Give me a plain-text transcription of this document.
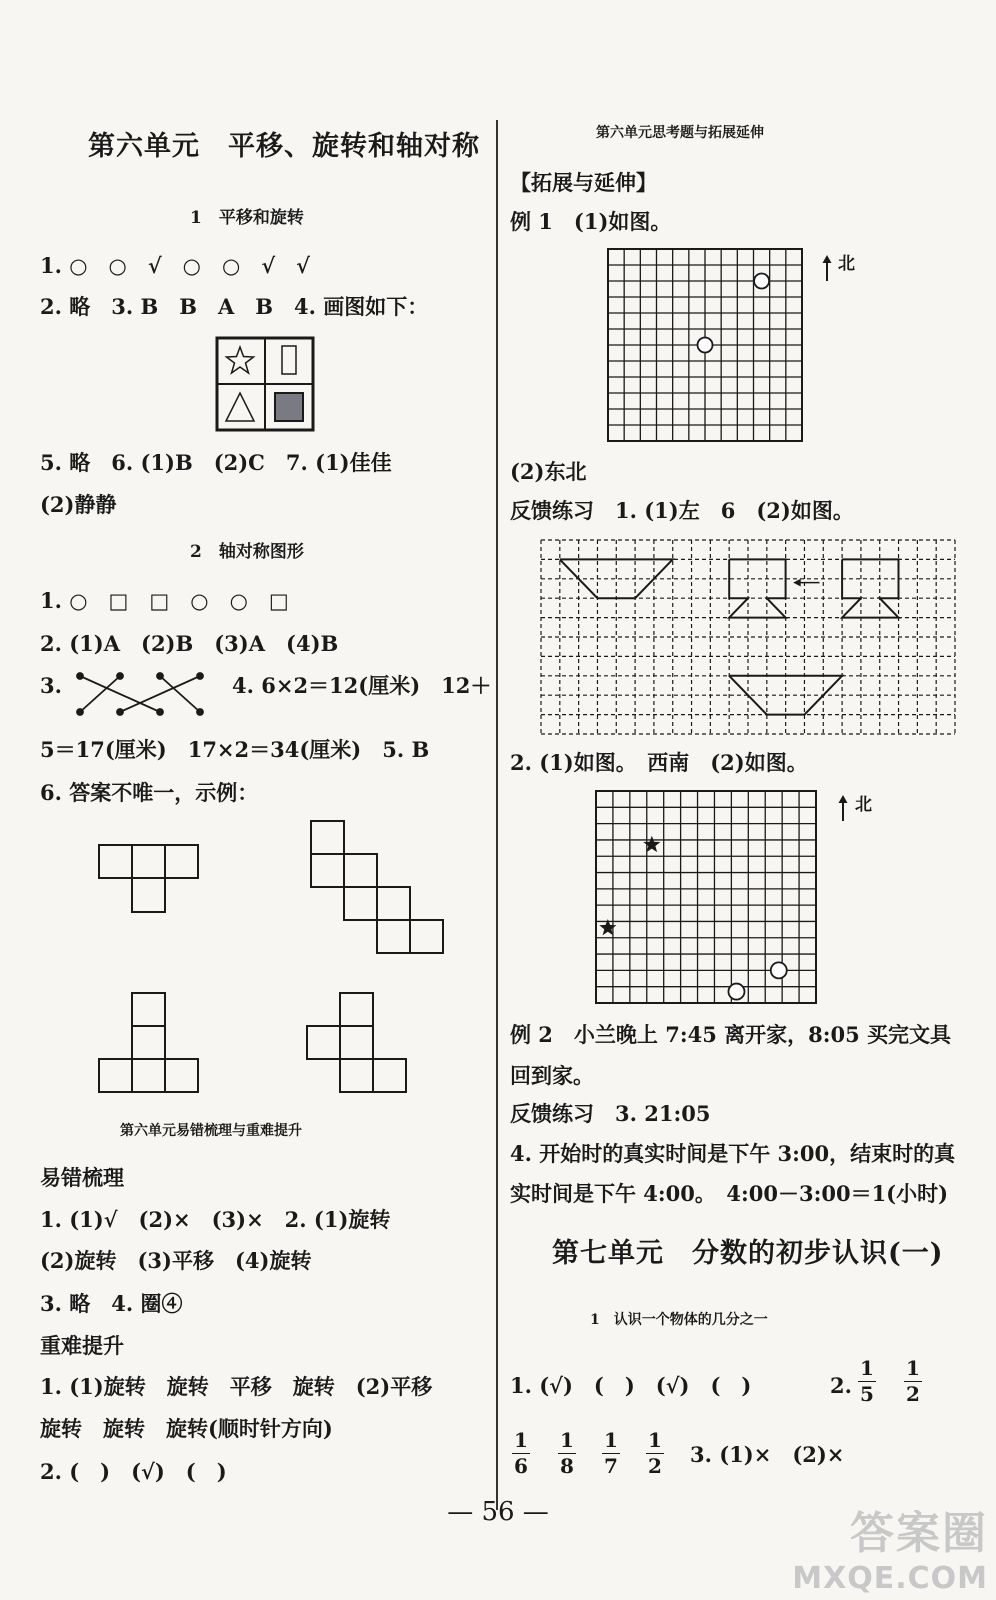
第六单元　平移、旋转和轴对称
1　平移和旋转
1. ○　○　√　○　○　√　√
2. 略　3. B　B　A　B　4. 画图如下：
5. 略　6. (1)B　(2)C　7. (1)佳佳
(2)静静
2　轴对称图形
1. ○　□　□　○　○　□
2. (1)A　(2)B　(3)A　(4)B
3.	4. 6×2＝12(厘米)　12＋
5＝17(厘米)　17×2＝34(厘米)　5. B
6. 答案不唯一，示例：
第六单元易错梳理与重难提升
易错梳理
1. (1)√　(2)×　(3)×　2. (1)旋转
(2)旋转　(3)平移　(4)旋转
3. 略　4. 圈④
重难提升
1. (1)旋转　旋转　平移　旋转　(2)平移
旋转　旋转　旋转(顺时针方向)
2. (　)　(√)　(　)
第六单元思考题与拓展延伸
【拓展与延伸】
例 1　(1)如图。
北
(2)东北
反馈练习　1. (1)左　6　(2)如图。
2. (1)如图。　西南　(2)如图。
北
例 2　小兰晚上 7:45 离开家，8:05 买完文具
回到家。
反馈练习　3. 21:05
4. 开始时的真实时间是下午 3:00，结束时的真
实时间是下午 4:00。　4:00－3:00＝1(小时)
第七单元　分数的初步认识(一)
1　认识一个物体的几分之一
1. (√)　(　)　(√)　(　)	2.
1
5
1
2
1
6
1
8
1
7
1
2 3. (1)×　(2)×
— 56 —	答案圈
MXQE.COM
